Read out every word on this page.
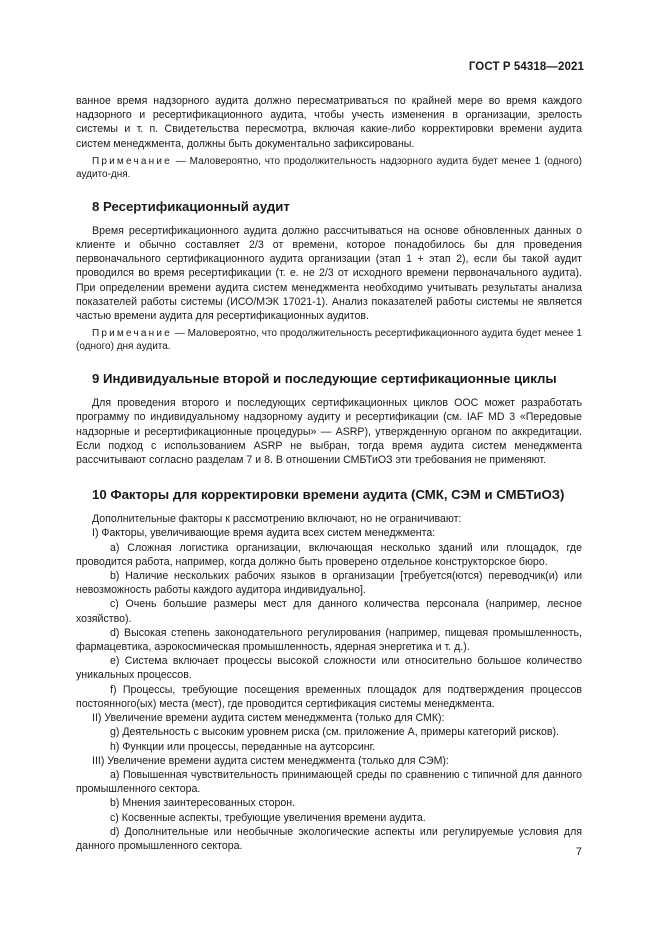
ГОСТ Р 54318—2021

ванное время надзорного аудита должно пересматриваться по крайней мере во время каждого надзорного и ресертификационного аудита, чтобы учесть изменения в организации, зрелость системы и т. п. Свидетельства пересмотра, включая какие-либо корректировки времени аудита систем менеджмента, должны быть документально зафиксированы.

Примечание — Маловероятно, что продолжительность надзорного аудита будет менее 1 (одного) аудито-дня.
8 Ресертификационный аудит

Время ресертификационного аудита должно рассчитываться на основе обновленных данных о клиенте и обычно составляет 2/3 от времени, которое понадобилось бы для проведения первоначального сертификационного аудита организации (этап 1 + этап 2), если бы такой аудит проводился во время ресертификации (т. е. не 2/3 от исходного времени первоначального аудита). При определении времени аудита систем менеджмента необходимо учитывать результаты анализа показателей работы системы (ИСО/МЭК 17021-1). Анализ показателей работы системы не является частью времени аудита для ресертификационных аудитов.

Примечание — Маловероятно, что продолжительность ресертификационного аудита будет менее 1 (одного) дня аудита.
9 Индивидуальные второй и последующие сертификационные циклы

Для проведения второго и последующих сертификационных циклов ООС может разработать программу по индивидуальному надзорному аудиту и ресертификации (см. IAF MD 3 «Передовые надзорные и ресертификационные процедуры» — ASRP), утвержденную органом по аккредитации. Если подход с использованием ASRP не выбран, тогда время аудита систем менеджмента рассчитывают согласно разделам 7 и 8. В отношении СМБТиОЗ эти требования не применяют.

10 Факторы для корректировки времени аудита (СМК, СЭМ и СМБТиОЗ)

Дополнительные факторы к рассмотрению включают, но не ограничивают:

I) Факторы, увеличивающие время аудита всех систем менеджмента:

a) Сложная логистика организации, включающая несколько зданий или площадок, где проводится работа, например, когда должно быть проверено отдельное конструкторское бюро.

b) Наличие нескольких рабочих языков в организации [требуется(ются) переводчик(и) или невозможность работы каждого аудитора индивидуально].

c) Очень большие размеры мест для данного количества персонала (например, лесное хозяйство).

d) Высокая степень законодательного регулирования (например, пищевая промышленность, фармацевтика, аэрокосмическая промышленность, ядерная энергетика и т. д.).

e) Система включает процессы высокой сложности или относительно большое количество уникальных процессов.

f) Процессы, требующие посещения временных площадок для подтверждения процессов постоянного(ых) места (мест), где проводится сертификация системы менеджмента.

II) Увеличение времени аудита систем менеджмента (только для СМК):

g) Деятельность с высоким уровнем риска (см. приложение А, примеры категорий рисков).

h) Функции или процессы, переданные на аутсорсинг.

III) Увеличение времени аудита систем менеджмента (только для СЭМ):

a) Повышенная чувствительность принимающей среды по сравнению с типичной для данного промышленного сектора.

b) Мнения заинтересованных сторон.

c) Косвенные аспекты, требующие увеличения времени аудита.

d) Дополнительные или необычные экологические аспекты или регулируемые условия для данного промышленного сектора.

7
